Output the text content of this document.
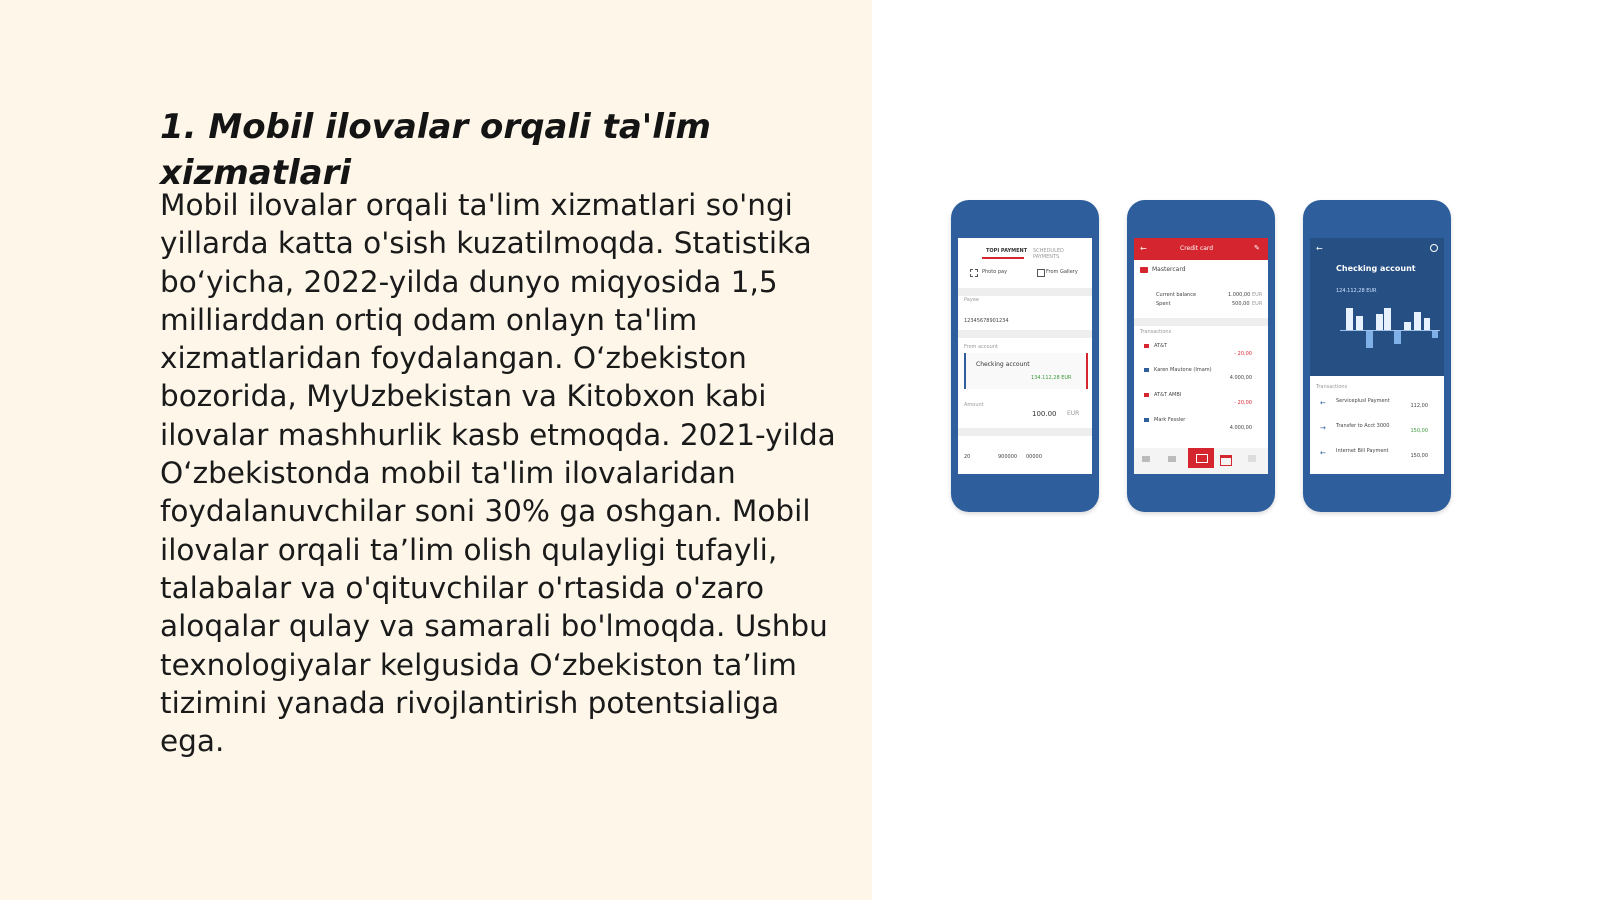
1. Mobil ilovalar orqali ta'lim xizmatlari

Mobil ilovalar orqali ta'lim xizmatlari so'ngi yillarda katta o'sish kuzatilmoqda. Statistika bo‘yicha, 2022-yilda dunyo miqyosida 1,5 milliarddan ortiq odam onlayn ta'lim xizmatlaridan foydalangan. O‘zbekiston bozorida, MyUzbekistan va Kitobxon kabi ilovalar mashhurlik kasb etmoqda. 2021-yilda O‘zbekistonda mobil ta'lim ilovalaridan foydalanuvchilar soni 30% ga oshgan. Mobil ilovalar orqali ta’lim olish qulayligi tufayli, talabalar va o'qituvchilar o'rtasida o'zaro aloqalar qulay va samarali bo'lmoqda. Ushbu texnologiyalar kelgusida O‘zbekiston ta’lim tizimini yanada rivojlantirish potentsialiga ega.

TOPI PAYMENT	SCHEDULED PAYMENTS
Photo pay	From Gallery
Payee
12345678901234
From account
Checking account
134.112,28 EUR
Amount
100.00 EUR
20	900000 00000
←	Credit card	✎
Mastercard
Current balance	1.000,00 EUR
Spent	500,00 EUR
Transactions
AT&T
- 20,00
Karen Mautone (Imam)
4.000,00
AT&T AMBI
- 20,00
Mark Fessler
4.000,00
←
Checking account
124.112,28 EUR
Transactions
← Serviceplusl Payment
112,00
→ Transfer to Acct 3000
150,00
← Internet Bill Payment
150,00
